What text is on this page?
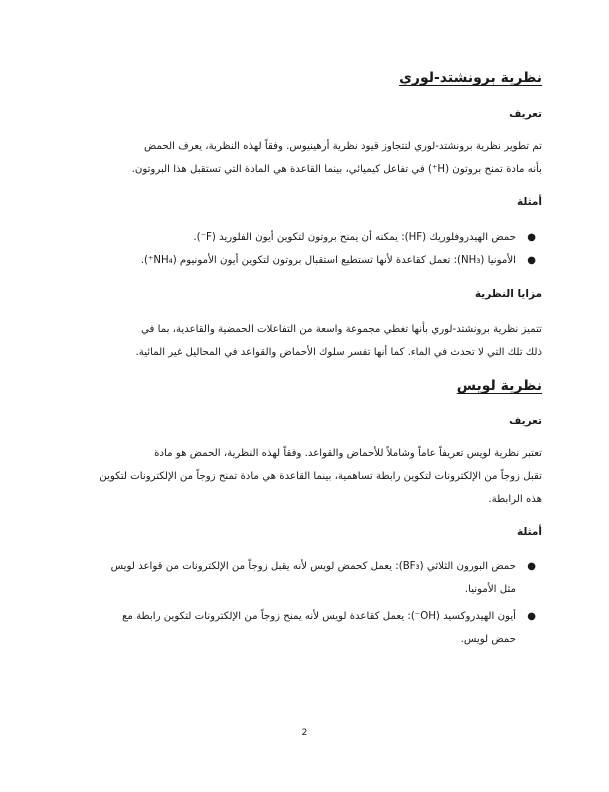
نظرية برونشتد-لوري
تعريف
تم تطوير نظرية برونشتد-لوري لتتجاوز قيود نظرية أرهينيوس. وفقاً لهذه النظرية، يعرف الحمض
بأنه مادة تمنح بروتون (H⁺) في تفاعل كيميائي، بينما القاعدة هي المادة التي تستقبل هذا البروتون.
أمثلة
●
حمض الهيدروفلوريك (HF): يمكنه أن يمنح بروتون لتكوين أيون الفلوريد (F⁻).
●
الأمونيا (NH₃): تعمل كقاعدة لأنها تستطيع استقبال بروتون لتكوين أيون الأمونيوم (NH₄⁺).
مزايا النظرية
تتميز نظرية برونشتد-لوري بأنها تغطي مجموعة واسعة من التفاعلات الحمضية والقاعدية، بما في
ذلك تلك التي لا تحدث في الماء. كما أنها تفسر سلوك الأحماض والقواعد في المحاليل غير المائية.
نظرية لويس
تعريف
تعتبر نظرية لويس تعريفاً عاماً وشاملاً للأحماض والقواعد. وفقاً لهذه النظرية، الحمض هو مادة
تقبل زوجاً من الإلكترونات لتكوين رابطة تساهمية، بينما القاعدة هي مادة تمنح زوجاً من الإلكترونات لتكوين
هذه الرابطة.
أمثلة
●
حمض البورون الثلاثي (BF₃): يعمل كحمض لويس لأنه يقبل زوجاً من الإلكترونات من قواعد لويس
مثل الأمونيا.
●
أيون الهيدروكسيد (OH⁻): يعمل كقاعدة لويس لأنه يمنح زوجاً من الإلكترونات لتكوين رابطة مع
حمض لويس.
2
